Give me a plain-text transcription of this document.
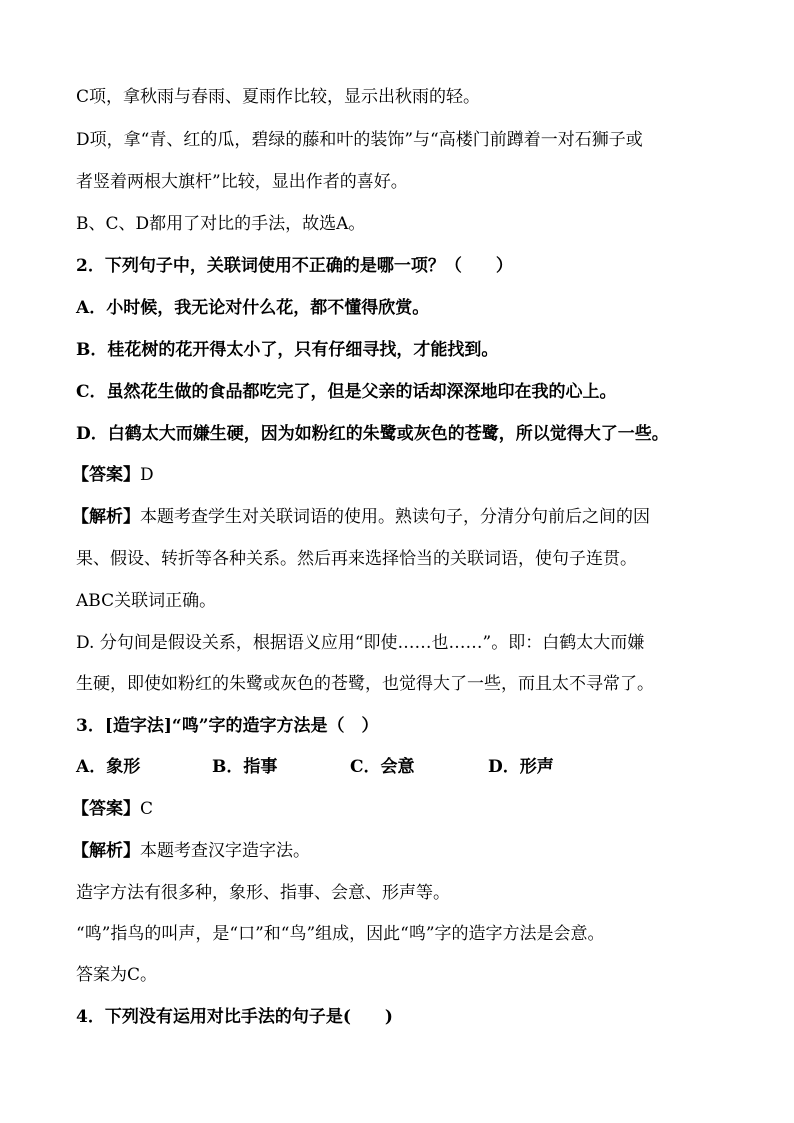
C项，拿秋雨与春雨、夏雨作比较，显示出秋雨的轻。
D项，拿“青、红的瓜，碧绿的藤和叶的装饰”与“高楼门前蹲着一对石狮子或
者竖着两根大旗杆”比较，显出作者的喜好。
B、C、D都用了对比的手法，故选A。
2．下列句子中，关联词使用不正确的是哪一项？（　　）
A．小时候，我无论对什么花，都不懂得欣赏。
B．桂花树的花开得太小了，只有仔细寻找，才能找到。
C．虽然花生做的食品都吃完了，但是父亲的话却深深地印在我的心上。
D．白鹤太大而嫌生硬，因为如粉红的朱鹭或灰色的苍鹭，所以觉得大了一些。
【答案】D
【解析】本题考查学生对关联词语的使用。熟读句子，分清分句前后之间的因
果、假设、转折等各种关系。然后再来选择恰当的关联词语，使句子连贯。
ABC关联词正确。
D. 分句间是假设关系，根据语义应用“即使……也……”。即：白鹤太大而嫌
生硬，即使如粉红的朱鹭或灰色的苍鹭，也觉得大了一些，而且太不寻常了。
3．[造字法]“鸣”字的造字方法是（　）
A．象形	B．指事	C．会意	D．形声
【答案】C
【解析】本题考查汉字造字法。
造字方法有很多种，象形、指事、会意、形声等。
“鸣”指鸟的叫声，是“口”和“鸟”组成，因此“鸣”字的造字方法是会意。
答案为C。
4．下列没有运用对比手法的句子是(　　)
